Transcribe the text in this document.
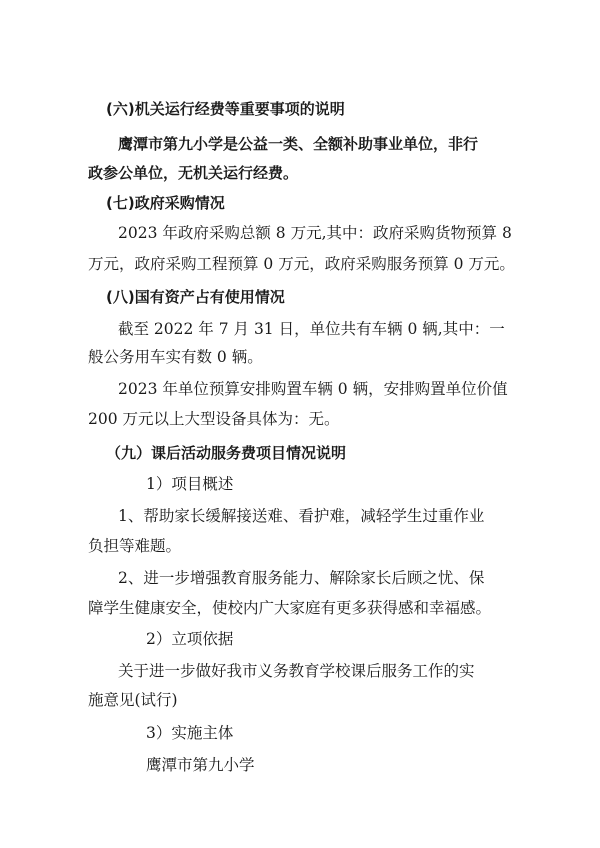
(六)机关运行经费等重要事项的说明
鹰潭市第九小学是公益一类、全额补助事业单位，非行
政参公单位，无机关运行经费。
(七)政府采购情况
2023 年政府采购总额 8 万元,其中：政府采购货物预算 8
万元，政府采购工程预算 0 万元，政府采购服务预算 0 万元。
(八)国有资产占有使用情况
截至 2022 年 7 月 31 日，单位共有车辆 0 辆,其中：一
般公务用车实有数 0 辆。
2023 年单位预算安排购置车辆 0 辆，安排购置单位价值
200 万元以上大型设备具体为：无。
（九）课后活动服务费项目情况说明
1）项目概述
1、帮助家长缓解接送难、看护难，减轻学生过重作业
负担等难题。
2、进一步增强教育服务能力、解除家长后顾之忧、保
障学生健康安全，使校内广大家庭有更多获得感和幸福感。
2）立项依据
关于进一步做好我市义务教育学校课后服务工作的实
施意见(试行)
3）实施主体
鹰潭市第九小学
